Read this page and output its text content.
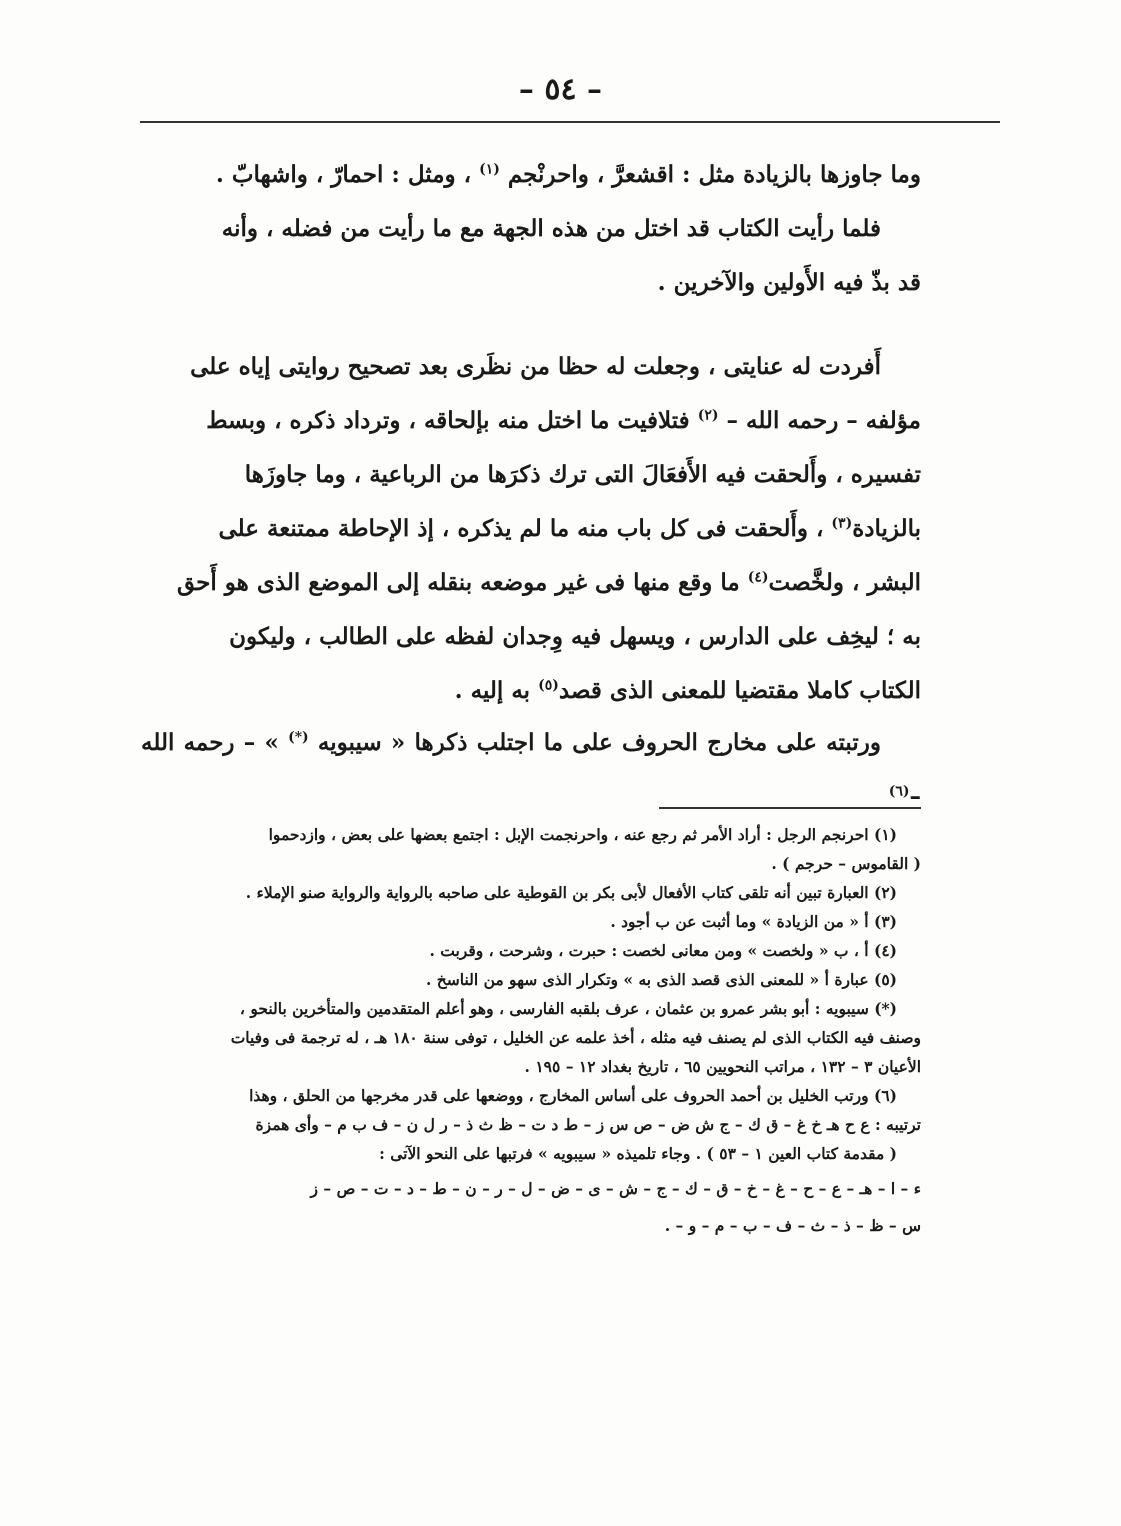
– ٥٤ –

وما جاوزها بالزيادة مثل : اقشعرَّ ، واحرنْجم $^{(١)}$ ، ومثل : احمارّ ، واشهابّ .

فلما رأيت الكتاب قد اختل من هذه الجهة مع ما رأيت من فضله ، وأنه

قد بذّ فيه الأَولين والآخرين .

أَفردت له عنايتى ، وجعلت له حظا من نظَرى بعد تصحيح روايتى إياه على

مؤلفه – رحمه الله – $^{(٢)}$ فتلافيت ما اختل منه بإلحاقه ، وترداد ذكره ، وبسط

تفسيره ، وأَلحقت فيه الأَفعَالَ التى ترك ذكرَها من الرباعية ، وما جاوزَها

بالزيادة$^{(٣)}$ ، وأَلحقت فى كل باب منه ما لم يذكره ، إذ الإحاطة ممتنعة على

البشر ، ولخَّصت$^{(٤)}$ ما وقع منها فى غير موضعه بنقله إلى الموضع الذى هو أَحق

به ؛ ليخِف على الدارس ، ويسهل فيه وِجدان لفظه على الطالب ، وليكون

الكتاب كاملا مقتضيا للمعنى الذى قصد$^{(٥)}$ به إليه .

ورتبته على مخارج الحروف على ما اجتلب ذكرها « سيبويه (*) » – رحمه الله –$^{(٦)}$

(١) احرنجم الرجل : أراد الأمر ثم رجع عنه ، واحرنجمت الإبل : اجتمع بعضها على بعض ، وازدحموا

( القاموس – حرجم ) .

(٢) العبارة تبين أنه تلقى كتاب الأفعال لأبى بكر بن القوطية على صاحبه بالرواية والرواية صنو الإملاء .

(٣) أ « من الزيادة » وما أثبت عن ب أجود .

(٤) أ ، ب « ولخصت » ومن معانى لخصت : حبرت ، وشرحت ، وقربت .

(٥) عبارة أ « للمعنى الذى قصد الذى به » وتكرار الذى سهو من الناسخ .

(*) سيبويه : أبو بشر عمرو بن عثمان ، عرف بلقبه الفارسى ، وهو أعلم المتقدمين والمتأخرين بالنحو ،

وصنف فيه الكتاب الذى لم يصنف فيه مثله ، أخذ علمه عن الخليل ، توفى سنة ١٨٠ هـ ، له ترجمة فى وفيات

الأعيان ٣ – ١٣٢ ، مراتب النحويين ٦٥ ، تاريخ بغداد ١٢ – ١٩٥ .

(٦) ورتب الخليل بن أحمد الحروف على أساس المخارج ، ووضعها على قدر مخرجها من الحلق ، وهذا

ترتيبه : ع ح هـ خ غ – ق ك – ج ش ض – ص س ز – ط د ت – ظ ث ذ – ر ل ن – ف ب م – وأى همزة

( مقدمة كتاب العين ١ – ٥٣ ) . وجاء تلميذه « سيبويه » فرتبها على النحو الآتى :

ء – ا – هـ – ع – ح – غ – خ – ق – ك – ج – ش – ى – ض – ل – ر – ن – ط – د – ت – ص – ز

س – ظ – ذ – ث – ف – ب – م – و – .
